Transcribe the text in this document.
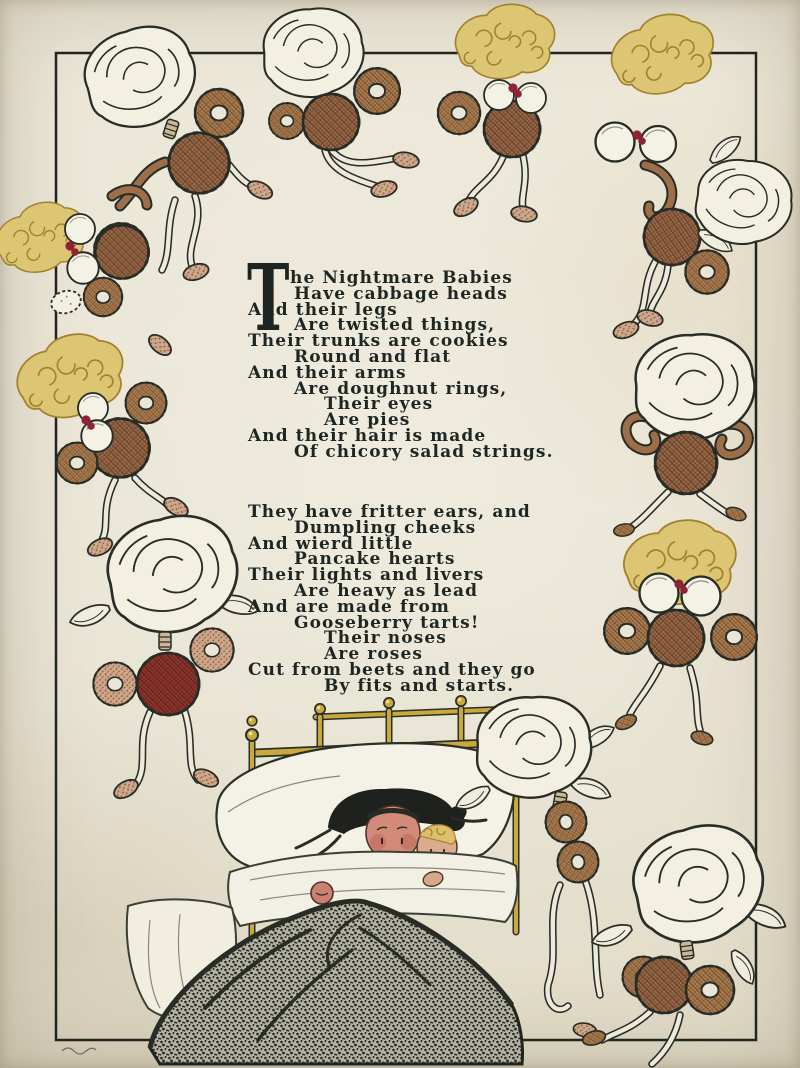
T he Nightmare Babies
Have cabbage heads
And their legs
Are twisted things,
Their trunks are cookies
Round and flat
And their arms
Are doughnut rings,
Their eyes
Are pies
And their hair is made
Of chicory salad strings.
They have fritter ears, and
Dumpling cheeks
And wierd little
Pancake hearts
Their lights and livers
Are heavy as lead
And are made from
Gooseberry tarts!
Their noses
Are roses
Cut from beets and they go
By fits and starts.
